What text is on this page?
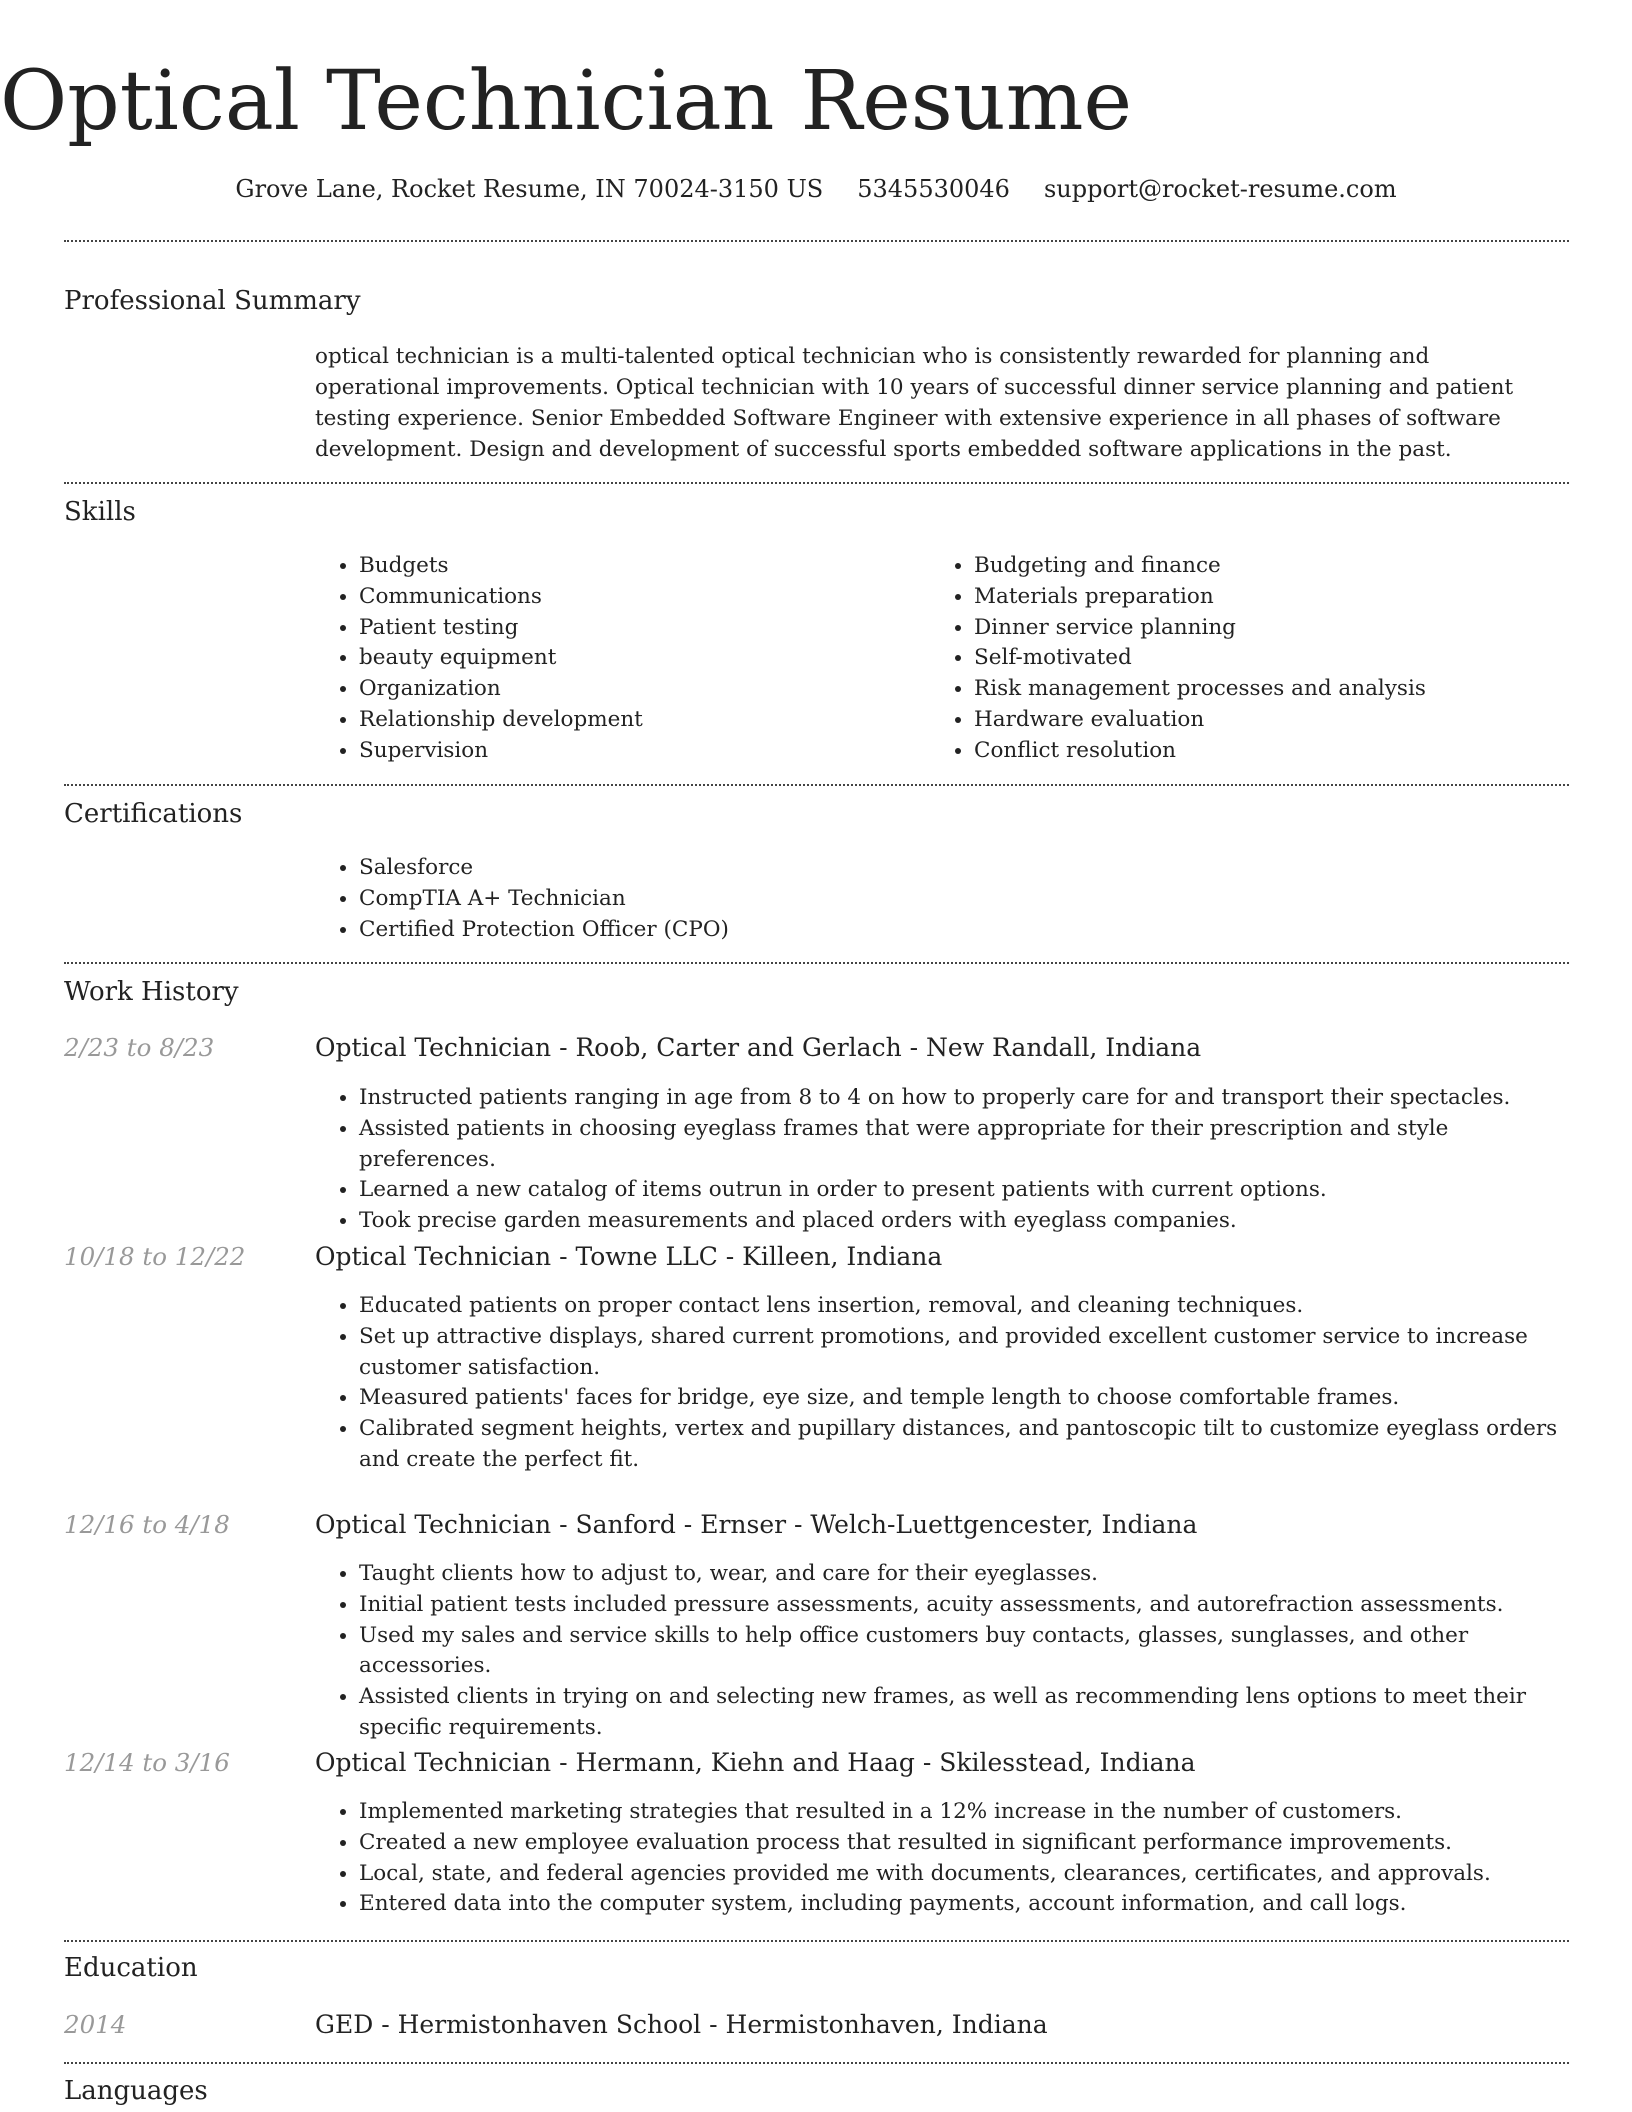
Optical Technician Resume
Grove Lane, Rocket Resume, IN 70024-3150 US 5345530046 support@rocket-resume.com
Professional Summary
optical technician is a multi-talented optical technician who is consistently rewarded for planning and operational improvements. Optical technician with 10 years of successful dinner service planning and patient testing experience. Senior Embedded Software Engineer with extensive experience in all phases of software development. Design and development of successful sports embedded software applications in the past.
Skills
• Budgets
• Communications
• Patient testing
• beauty equipment
• Organization
• Relationship development
• Supervision
• Budgeting and finance
• Materials preparation
• Dinner service planning
• Self-motivated
• Risk management processes and analysis
• Hardware evaluation
• Conflict resolution
Certifications
• Salesforce
• CompTIA A+ Technician
• Certified Protection Officer (CPO)
Work History
2/23 to 8/23	Optical Technician - Roob, Carter and Gerlach - New Randall, Indiana
• Instructed patients ranging in age from 8 to 4 on how to properly care for and transport their spectacles.
• Assisted patients in choosing eyeglass frames that were appropriate for their prescription and style preferences.
• Learned a new catalog of items outrun in order to present patients with current options.
• Took precise garden measurements and placed orders with eyeglass companies.
10/18 to 12/22	Optical Technician - Towne LLC - Killeen, Indiana
• Educated patients on proper contact lens insertion, removal, and cleaning techniques.
• Set up attractive displays, shared current promotions, and provided excellent customer service to increase customer satisfaction.
• Measured patients' faces for bridge, eye size, and temple length to choose comfortable frames.
• Calibrated segment heights, vertex and pupillary distances, and pantoscopic tilt to customize eyeglass orders and create the perfect fit.
12/16 to 4/18	Optical Technician - Sanford - Ernser - Welch-Luettgencester, Indiana
• Taught clients how to adjust to, wear, and care for their eyeglasses.
• Initial patient tests included pressure assessments, acuity assessments, and autorefraction assessments.
• Used my sales and service skills to help office customers buy contacts, glasses, sunglasses, and other accessories.
• Assisted clients in trying on and selecting new frames, as well as recommending lens options to meet their specific requirements.
12/14 to 3/16	Optical Technician - Hermann, Kiehn and Haag - Skilesstead, Indiana
• Implemented marketing strategies that resulted in a 12% increase in the number of customers.
• Created a new employee evaluation process that resulted in significant performance improvements.
• Local, state, and federal agencies provided me with documents, clearances, certificates, and approvals.
• Entered data into the computer system, including payments, account information, and call logs.
Education
2014	GED - Hermistonhaven School - Hermistonhaven, Indiana
Languages
